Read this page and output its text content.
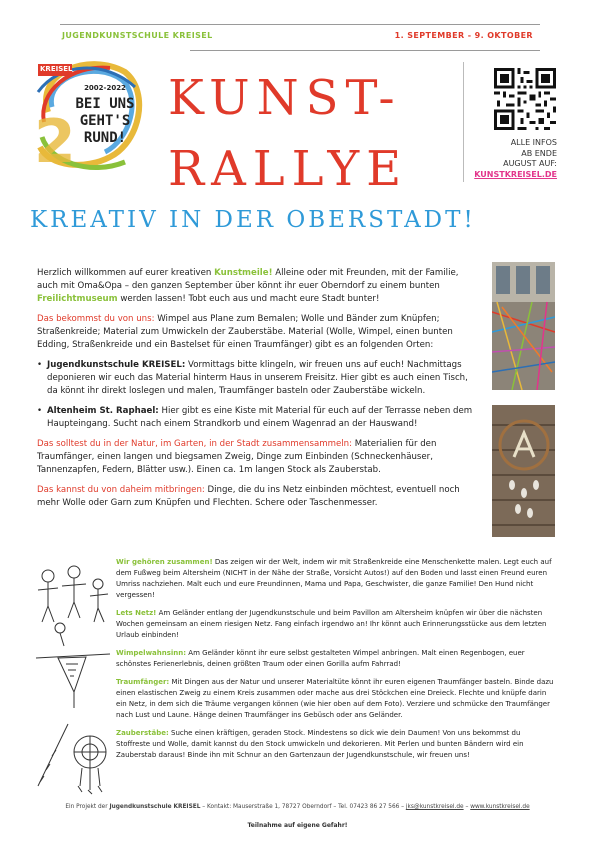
JUGENDKUNSTSCHULE KREISEL	1. SEPTEMBER - 9. OKTOBER
2
KREISEL
2002-2022
BEI UNS
GEHT'S
RUND!
KUNST-
RALLYE	ALLE INFOS
AB ENDE
AUGUST AUF:
KUNSTKREISEL.DE
KREATIV IN DER OBERSTADT!

Herzlich willkommen auf eurer kreativen Kunstmeile! Alleine oder mit Freunden, mit der Familie, auch mit Oma&Opa – den ganzen September über könnt ihr euer Oberndorf zu einem bunten Freilichtmuseum werden lassen! Tobt euch aus und macht eure Stadt bunter!

Das bekommst du von uns: Wimpel aus Plane zum Bemalen; Wolle und Bänder zum Knüpfen; Straßenkreide; Material zum Umwickeln der Zauberstäbe. Material (Wolle, Wimpel, einen bunten Edding, Straßenkreide und ein Bastelset für einen Traumfänger) gibt es an folgenden Orten:

• Jugendkunstschule KREISEL: Vormittags bitte klingeln, wir freuen uns auf euch! Nachmittags deponieren wir euch das Material hinterm Haus in unserem Freisitz. Hier gibt es auch einen Tisch, da könnt ihr direkt loslegen und malen, Traumfänger basteln oder Zauberstäbe wickeln.
• Altenheim St. Raphael: Hier gibt es eine Kiste mit Material für euch auf der Terrasse neben dem Haupteingang. Sucht nach einem Strandkorb und einem Wagenrad an der Hauswand!

Das solltest du in der Natur, im Garten, in der Stadt zusammensammeln: Materialien für den Traumfänger, einen langen und biegsamen Zweig, Dinge zum Einbinden (Schneckenhäuser, Tannenzapfen, Federn, Blätter usw.). Einen ca. 1m langen Stock als Zauberstab.

Das kannst du von daheim mitbringen: Dinge, die du ins Netz einbinden möchtest, eventuell noch mehr Wolle oder Garn zum Knüpfen und Flechten. Schere oder Taschenmesser.

Wir gehören zusammen! Das zeigen wir der Welt, indem wir mit Straßenkreide eine Menschenkette malen. Legt euch auf dem Fußweg beim Altersheim (NICHT in der Nähe der Straße, Vorsicht Autos!) auf den Boden und lasst einen Freund euren Umriss nachziehen. Malt euch und eure Freundinnen, Mama und Papa, Geschwister, die ganze Familie! Den Hund nicht vergessen!

Lets Netz! Am Geländer entlang der Jugendkunstschule und beim Pavillon am Altersheim knüpfen wir über die nächsten Wochen gemeinsam an einem riesigen Netz. Fang einfach irgendwo an! Ihr könnt auch Erinnerungsstücke aus dem letzten Urlaub einbinden!

Wimpelwahnsinn: Am Geländer könnt ihr eure selbst gestalteten Wimpel anbringen. Malt einen Regenbogen, euer schönstes Ferienerlebnis, deinen größten Traum oder einen Gorilla aufm Fahrrad!

Traumfänger: Mit Dingen aus der Natur und unserer Materialtüte könnt ihr euren eigenen Traumfänger basteln. Binde dazu einen elastischen Zweig zu einem Kreis zusammen oder mache aus drei Stöckchen eine Dreieck. Flechte und knüpfe darin ein Netz, in dem sich die Träume vergangen können (wie hier oben auf dem Foto). Verziere und schmücke den Traumfänger nach Lust und Laune. Hänge deinen Traumfänger ins Gebüsch oder ans Geländer.

Zauberstäbe: Suche einen kräftigen, geraden Stock. Mindestens so dick wie dein Daumen! Von uns bekommst du Stoffreste und Wolle, damit kannst du den Stock umwickeln und dekorieren. Mit Perlen und bunten Bändern wird ein Zauberstab daraus! Binde ihn mit Schnur an den Gartenzaun der Jugendkunstschule, wir freuen uns!

Ein Projekt der Jugendkunstschule KREISEL – Kontakt: Mauserstraße 1, 78727 Oberndorf – Tel. 07423 86 27 566 – jks@kunstkreisel.de – www.kunstkreisel.de
Teilnahme auf eigene Gefahr!
